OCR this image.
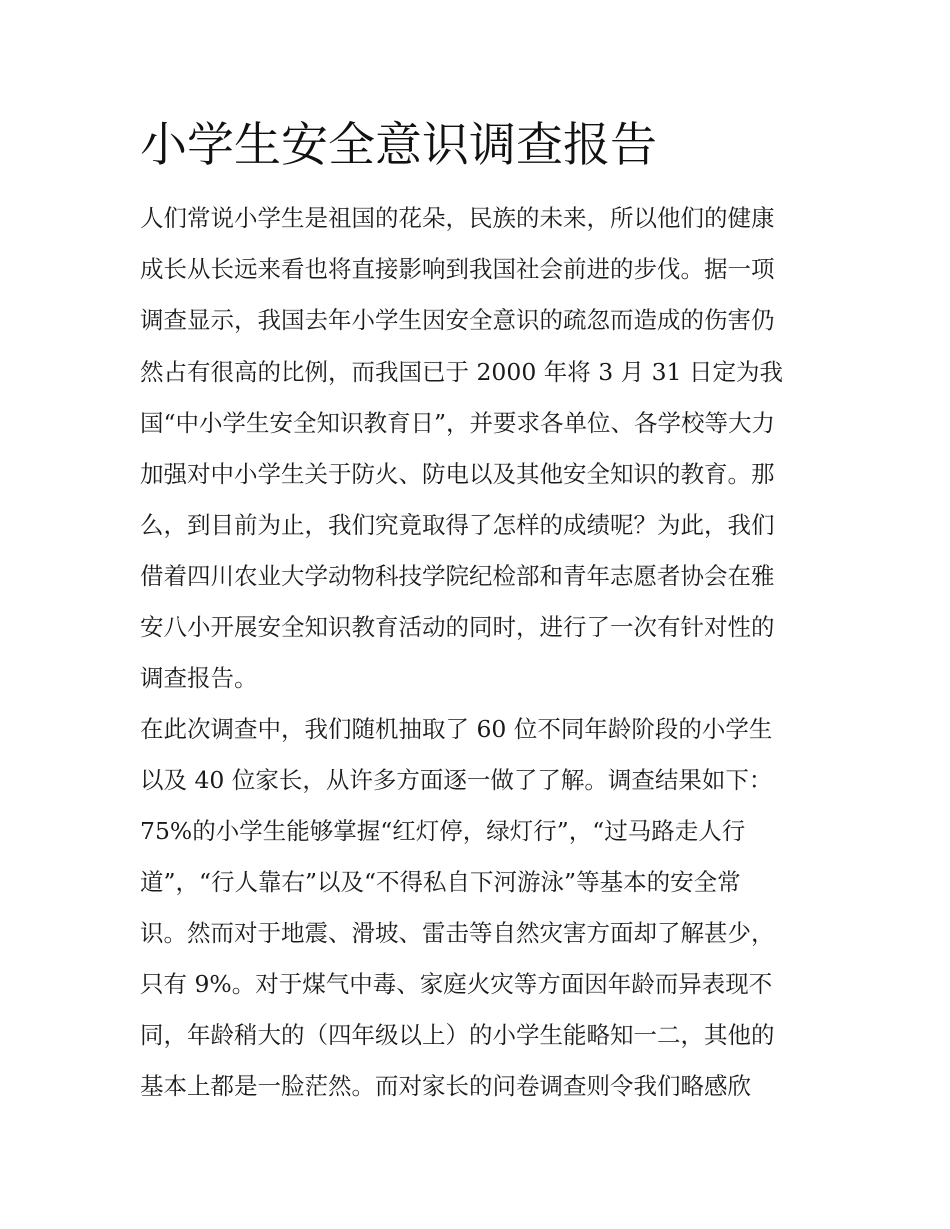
小学生安全意识调查报告

人们常说小学生是祖国的花朵，民族的未来，所以他们的健康

成长从长远来看也将直接影响到我国社会前进的步伐。据一项

调查显示，我国去年小学生因安全意识的疏忽而造成的伤害仍

然占有很高的比例，而我国已于 2000 年将 3 月 31 日定为我

国“中小学生安全知识教育日”，并要求各单位、各学校等大力

加强对中小学生关于防火、防电以及其他安全知识的教育。那

么，到目前为止，我们究竟取得了怎样的成绩呢？为此，我们

借着四川农业大学动物科技学院纪检部和青年志愿者协会在雅

安八小开展安全知识教育活动的同时，进行了一次有针对性的

调查报告。

在此次调查中，我们随机抽取了 60 位不同年龄阶段的小学生

以及 40 位家长，从许多方面逐一做了了解。调查结果如下：

75%的小学生能够掌握“红灯停，绿灯行”，“过马路走人行

道”，“行人靠右”以及“不得私自下河游泳”等基本的安全常

识。然而对于地震、滑坡、雷击等自然灾害方面却了解甚少，

只有 9%。对于煤气中毒、家庭火灾等方面因年龄而异表现不

同，年龄稍大的（四年级以上）的小学生能略知一二，其他的

基本上都是一脸茫然。而对家长的问卷调查则令我们略感欣
